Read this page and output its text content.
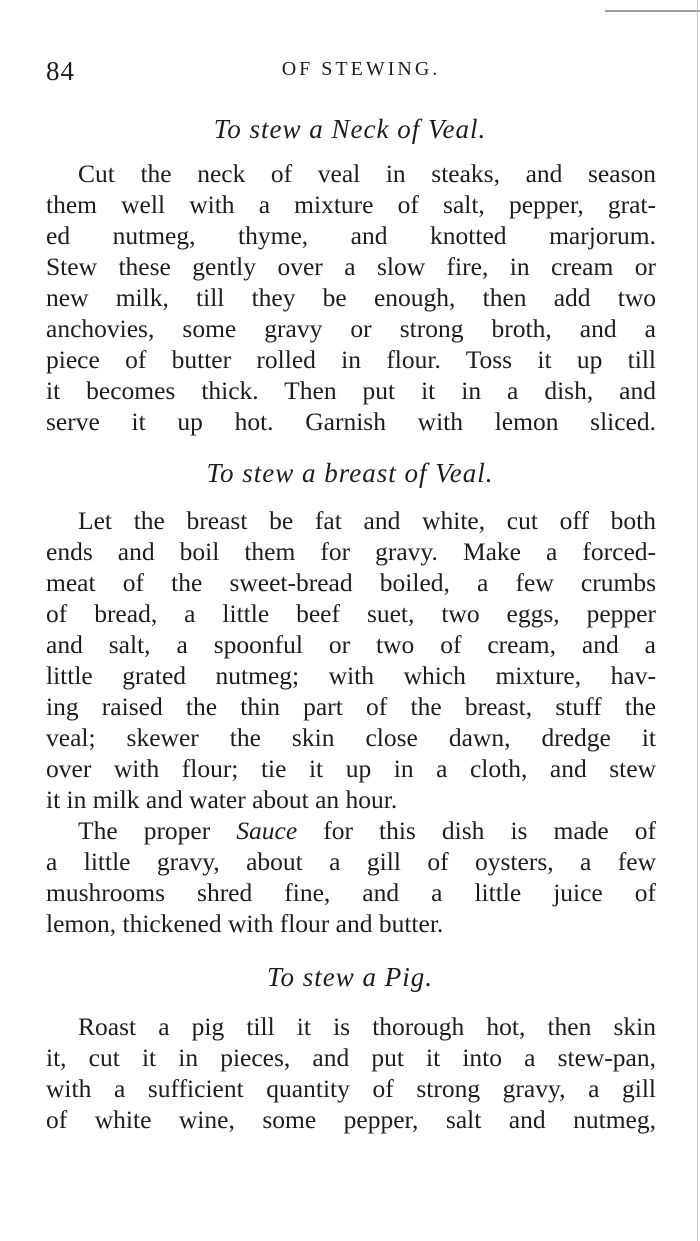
84	OF STEWING.
To stew a Neck of Veal.
Cut the neck of veal in steaks, and season
them well with a mixture of salt, pepper, grat-
ed nutmeg, thyme, and knotted marjorum.
Stew these gently over a slow fire, in cream or
new milk, till they be enough, then add two
anchovies, some gravy or strong broth, and a
piece of butter rolled in flour. Toss it up till
it becomes thick. Then put it in a dish, and
serve it up hot. Garnish with lemon sliced.
To stew a breast of Veal.
Let the breast be fat and white, cut off both
ends and boil them for gravy. Make a forced-
meat of the sweet-bread boiled, a few crumbs
of bread, a little beef suet, two eggs, pepper
and salt, a spoonful or two of cream, and a
little grated nutmeg; with which mixture, hav-
ing raised the thin part of the breast, stuff the
veal; skewer the skin close dawn, dredge it
over with flour; tie it up in a cloth, and stew
it in milk and water about an hour.
The proper Sauce for this dish is made of
a little gravy, about a gill of oysters, a few
mushrooms shred fine, and a little juice of
lemon, thickened with flour and butter.
To stew a Pig.
Roast a pig till it is thorough hot, then skin
it, cut it in pieces, and put it into a stew-pan,
with a sufficient quantity of strong gravy, a gill
of white wine, some pepper, salt and nutmeg,
